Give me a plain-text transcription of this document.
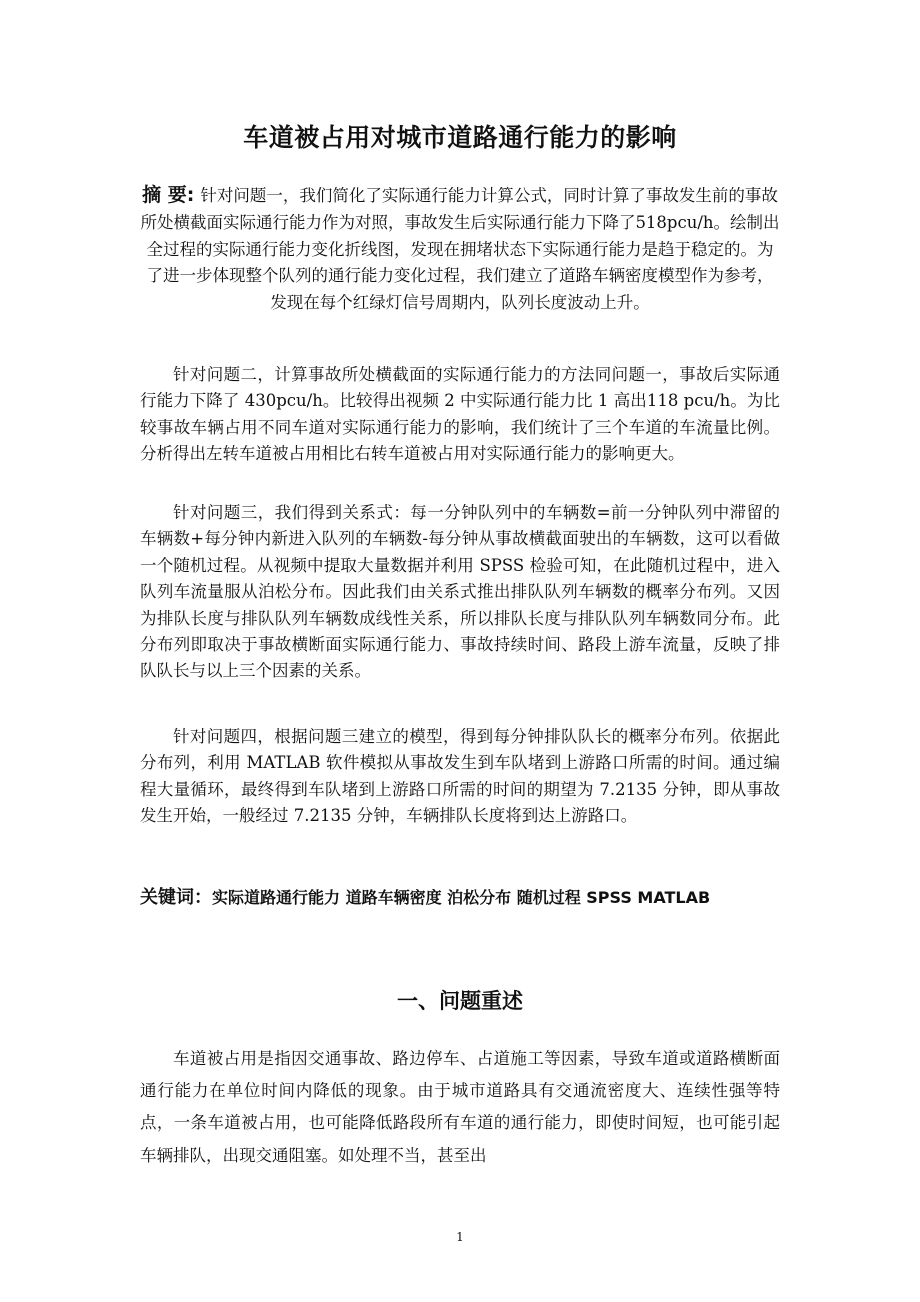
车道被占用对城市道路通行能力的影响
摘 要: 针对问题一，我们简化了实际通行能力计算公式，同时计算了事故发生前的事故所处横截面实际通行能力作为对照，事故发生后实际通行能力下降了518pcu/h。绘制出全过程的实际通行能力变化折线图，发现在拥堵状态下实际通行能力是趋于稳定的。为了进一步体现整个队列的通行能力变化过程，我们建立了道路车辆密度模型作为参考，发现在每个红绿灯信号周期内，队列长度波动上升。
针对问题二，计算事故所处横截面的实际通行能力的方法同问题一，事故后实际通行能力下降了 430pcu/h。比较得出视频 2 中实际通行能力比 1 高出118 pcu/h。为比较事故车辆占用不同车道对实际通行能力的影响，我们统计了三个车道的车流量比例。分析得出左转车道被占用相比右转车道被占用对实际通行能力的影响更大。
针对问题三，我们得到关系式：每一分钟队列中的车辆数=前一分钟队列中滞留的车辆数+每分钟内新进入队列的车辆数-每分钟从事故横截面驶出的车辆数，这可以看做一个随机过程。从视频中提取大量数据并利用 SPSS 检验可知，在此随机过程中，进入队列车流量服从泊松分布。因此我们由关系式推出排队队列车辆数的概率分布列。又因为排队长度与排队队列车辆数成线性关系，所以排队长度与排队队列车辆数同分布。此分布列即取决于事故横断面实际通行能力、事故持续时间、路段上游车流量，反映了排队队长与以上三个因素的关系。
针对问题四，根据问题三建立的模型，得到每分钟排队队长的概率分布列。依据此分布列，利用 MATLAB 软件模拟从事故发生到车队堵到上游路口所需的时间。通过编程大量循环，最终得到车队堵到上游路口所需的时间的期望为 7.2135 分钟，即从事故发生开始，一般经过 7.2135 分钟，车辆排队长度将到达上游路口。
关键词：实际道路通行能力 道路车辆密度 泊松分布 随机过程 SPSS MATLAB
一、问题重述
车道被占用是指因交通事故、路边停车、占道施工等因素，导致车道或道路横断面通行能力在单位时间内降低的现象。由于城市道路具有交通流密度大、连续性强等特点，一条车道被占用，也可能降低路段所有车道的通行能力，即使时间短，也可能引起车辆排队，出现交通阻塞。如处理不当，甚至出
1
